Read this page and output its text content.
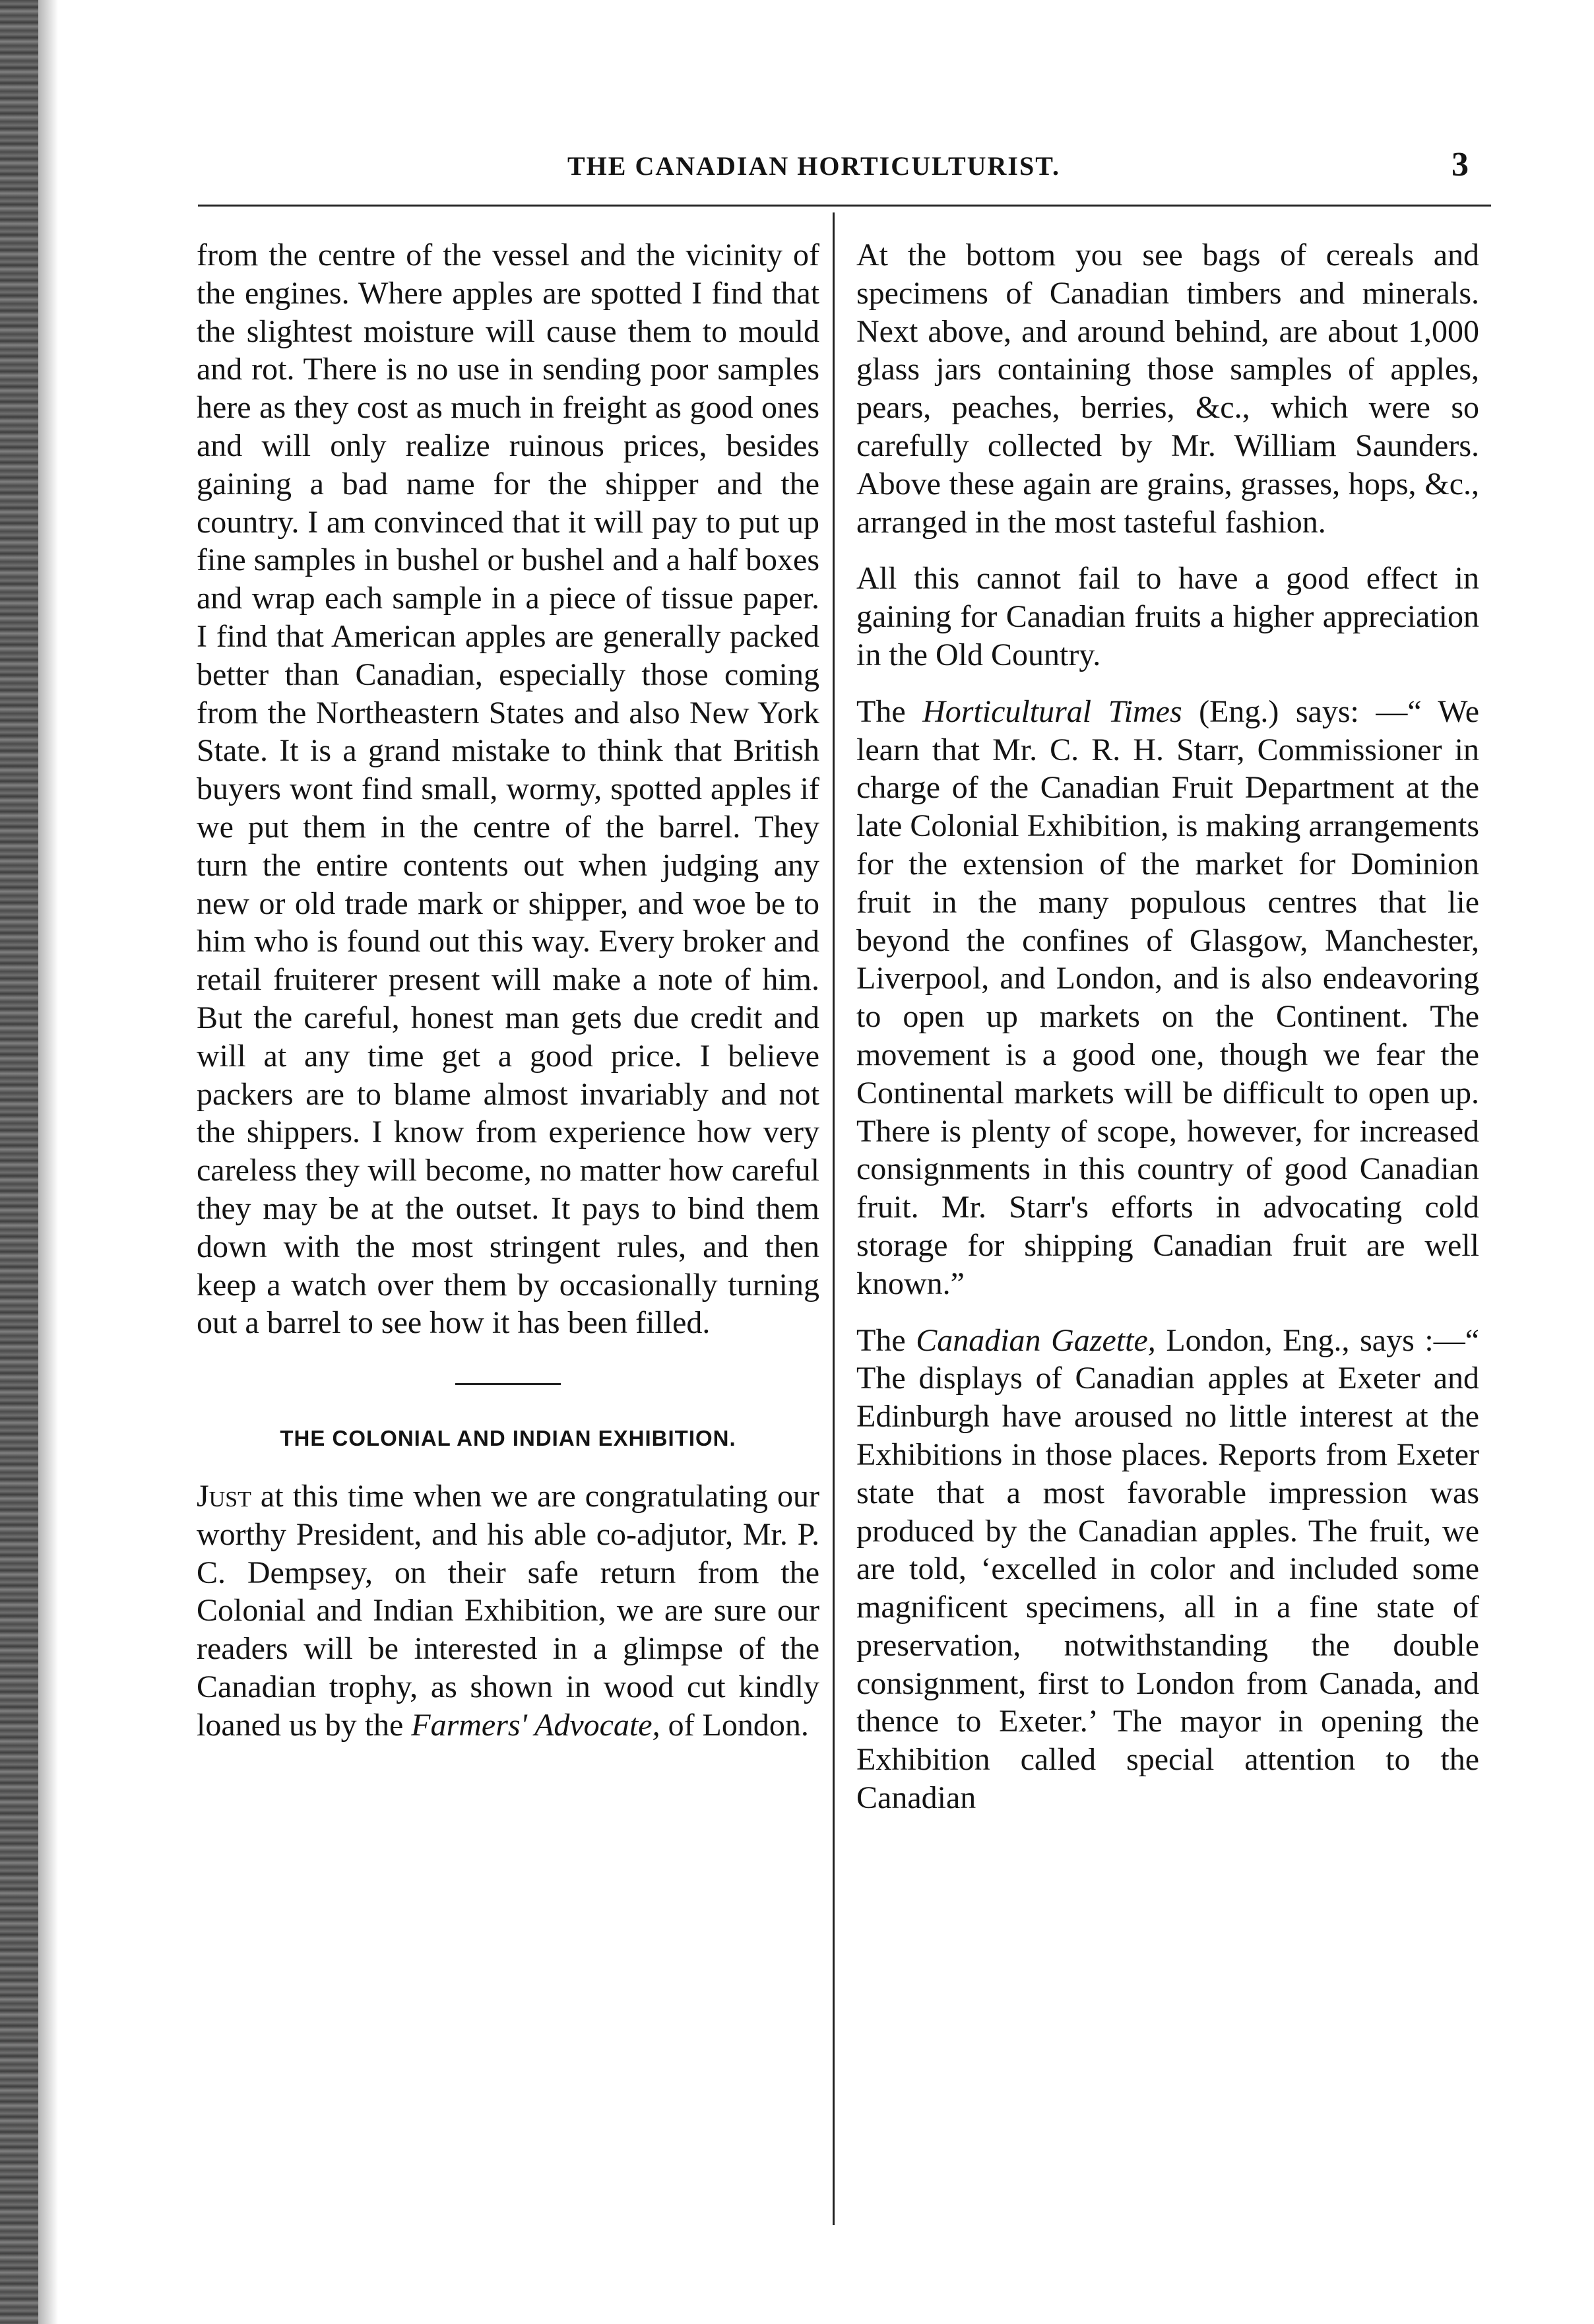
THE CANADIAN HORTICULTURIST.	3

from the centre of the vessel and the vicinity of the engines. Where apples are spotted I find that the slightest moisture will cause them to mould and rot. There is no use in sending poor samples here as they cost as much in freight as good ones and will only realize ruinous prices, besides gaining a bad name for the shipper and the country. I am convinced that it will pay to put up fine samples in bushel or bushel and a half boxes and wrap each sample in a piece of tissue paper. I find that American apples are generally packed better than Canadian, especially those coming from the Northeastern States and also New York State. It is a grand mistake to think that British buyers wont find small, wormy, spotted apples if we put them in the centre of the barrel. They turn the entire contents out when judging any new or old trade mark or shipper, and woe be to him who is found out this way. Every broker and retail fruiterer present will make a note of him. But the careful, honest man gets due credit and will at any time get a good price. I believe packers are to blame almost invariably and not the shippers. I know from experience how very careless they will become, no matter how careful they may be at the outset. It pays to bind them down with the most stringent rules, and then keep a watch over them by occasionally turning out a barrel to see how it has been filled.

THE COLONIAL AND INDIAN EXHIBITION.

Just at this time when we are congratulating our worthy President, and his able co-adjutor, Mr. P. C. Dempsey, on their safe return from the Colonial and Indian Exhibition, we are sure our readers will be interested in a glimpse of the Canadian trophy, as shown in wood cut kindly loaned us by the Farmers' Advocate, of London.

At the bottom you see bags of cereals and specimens of Canadian timbers and minerals. Next above, and around behind, are about 1,000 glass jars containing those samples of apples, pears, peaches, berries, &c., which were so carefully collected by Mr. William Saunders. Above these again are grains, grasses, hops, &c., arranged in the most tasteful fashion.

All this cannot fail to have a good effect in gaining for Canadian fruits a higher appreciation in the Old Country.

The Horticultural Times (Eng.) says: —“ We learn that Mr. C. R. H. Starr, Commissioner in charge of the Canadian Fruit Department at the late Colonial Exhibition, is making arrangements for the extension of the market for Dominion fruit in the many populous centres that lie beyond the confines of Glasgow, Manchester, Liverpool, and London, and is also endeavoring to open up markets on the Continent. The movement is a good one, though we fear the Continental markets will be difficult to open up. There is plenty of scope, however, for increased consignments in this country of good Canadian fruit. Mr. Starr's efforts in advocating cold storage for shipping Canadian fruit are well known.”

The Canadian Gazette, London, Eng., says :—“ The displays of Canadian apples at Exeter and Edinburgh have aroused no little interest at the Exhibitions in those places. Reports from Exeter state that a most favorable impression was produced by the Canadian apples. The fruit, we are told, ‘excelled in color and included some magnificent specimens, all in a fine state of preservation, notwithstanding the double consignment, first to London from Canada, and thence to Exeter.’ The mayor in opening the Exhibition called special attention to the Canadian
